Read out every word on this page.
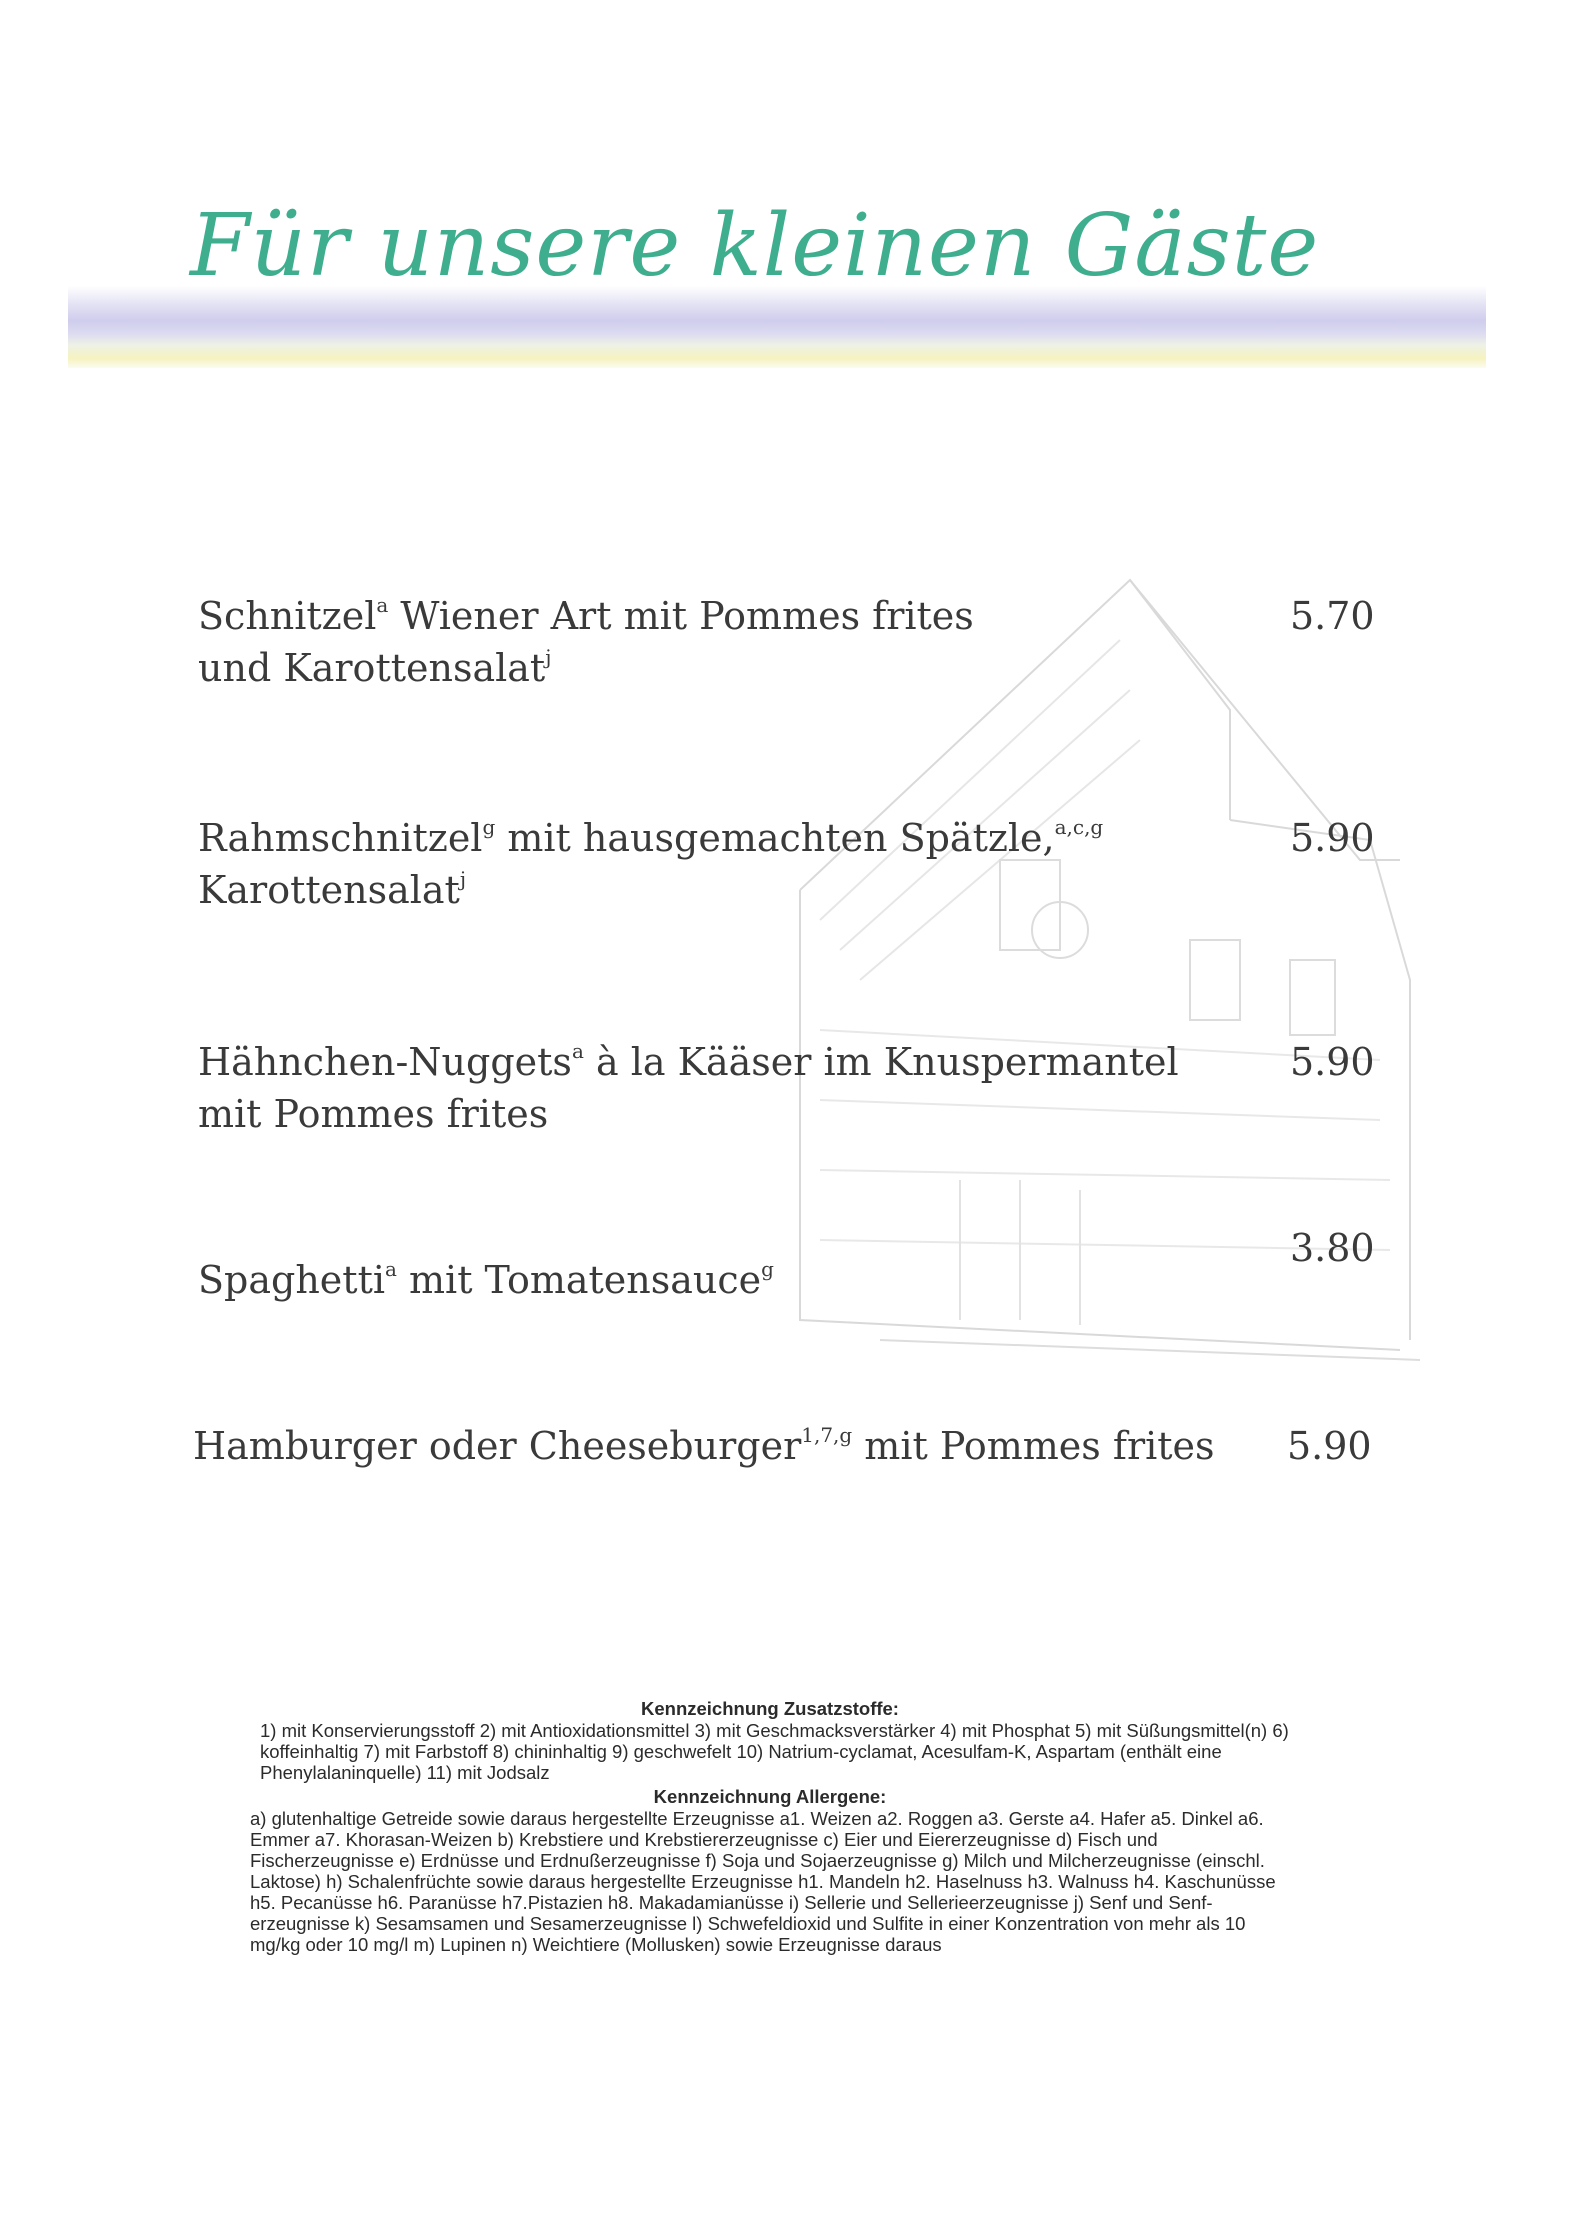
Für unsere kleinen Gäste
Schnitzel$^a$ Wiener Art mit Pommes frites
und Karottensalat$^j$
5.70
Rahmschnitzel$^g$ mit hausgemachten Spätzle,$^{a,c,g}$
Karottensalat$^j$
5.90
Hähnchen-Nuggets$^a$ à la Kääser im Knuspermantel
mit Pommes frites
5.90
Spaghetti$^a$ mit Tomatensauce$^g$	3.80
Hamburger oder Cheeseburger$^{1,7,g}$ mit Pommes frites 5.90
Kennzeichnung Zusatzstoffe:

1) mit Konservierungsstoff 2) mit Antioxidationsmittel 3) mit Geschmacksverstärker 4) mit Phosphat 5) mit Süßungsmittel(n) 6) koffeinhaltig 7) mit Farbstoff 8) chininhaltig 9) geschwefelt 10) Natrium-cyclamat, Acesulfam-K, Aspartam (enthält eine Phenylalaninquelle) 11) mit Jodsalz

Kennzeichnung Allergene:

a) glutenhaltige Getreide sowie daraus hergestellte Erzeugnisse a1. Weizen a2. Roggen a3. Gerste a4. Hafer a5. Dinkel a6. Emmer a7. Khorasan-Weizen b) Krebstiere und Krebstiererzeugnisse c) Eier und Eiererzeugnisse d) Fisch und Fischerzeugnisse e) Erdnüsse und Erdnußerzeugnisse f) Soja und Sojaerzeugnisse g) Milch und Milcherzeugnisse (einschl. Laktose) h) Schalenfrüchte sowie daraus hergestellte Erzeugnisse h1. Mandeln h2. Haselnuss h3. Walnuss h4. Kaschunüsse h5. Pecanüsse h6. Paranüsse h7.Pistazien h8. Makadamianüsse i) Sellerie und Sellerieerzeugnisse j) Senf und Senf-erzeugnisse k) Sesamsamen und Sesamerzeugnisse l) Schwefeldioxid und Sulfite in einer Konzentration von mehr als 10 mg/kg oder 10 mg/l m) Lupinen n) Weichtiere (Mollusken) sowie Erzeugnisse daraus
